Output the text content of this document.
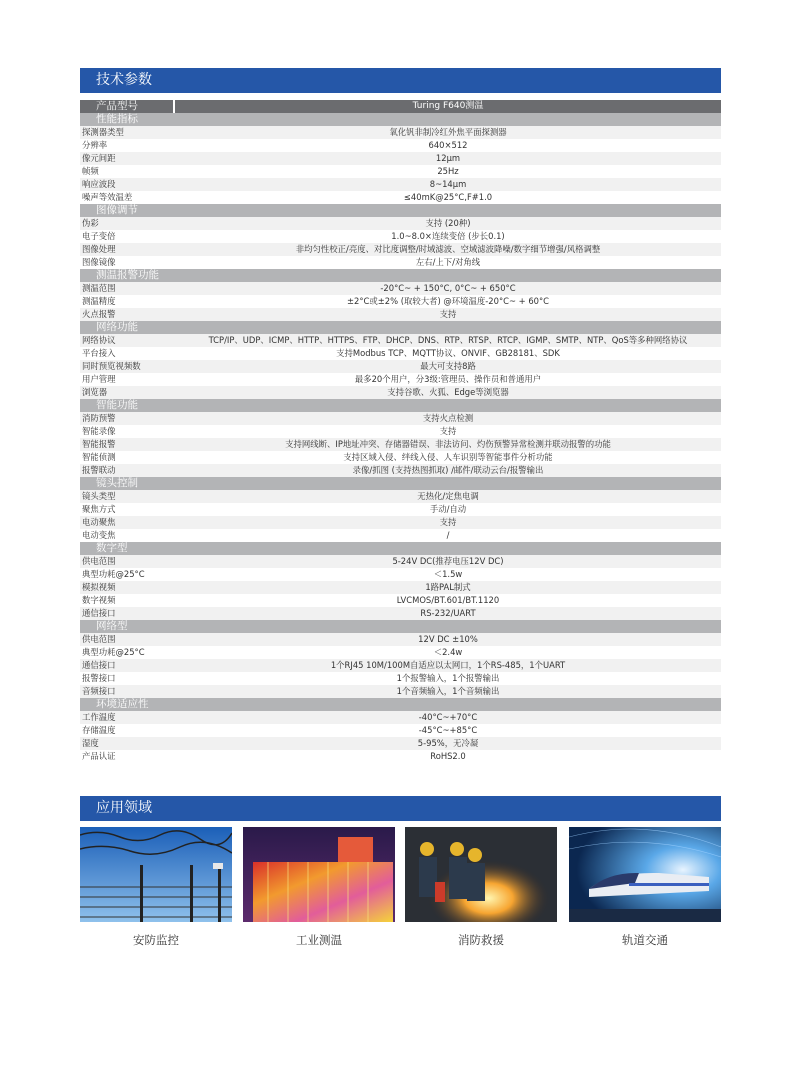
技术参数
产品型号	Turing F640测温
性能指标
探测器类型	氧化钒非制冷红外焦平面探测器
分辨率	640×512
像元间距	12μm
帧频	25Hz
响应波段	8~14μm
噪声等效温差	≤40mK@25°C,F#1.0
图像调节
伪彩	支持 (20种)
电子变倍	1.0~8.0×连续变倍 (步长0.1)
图像处理	非均匀性校正/亮度、对比度调整/时域滤波、空域滤波降噪/数字细节增强/风格调整
图像镜像	左右/上下/对角线
测温报警功能
测温范围	-20°C~ + 150°C, 0°C~ + 650°C
测温精度	±2°C或±2% (取较大者) @环境温度-20°C~ + 60°C
火点报警	支持
网络功能
网络协议	TCP/IP、UDP、ICMP、HTTP、HTTPS、FTP、DHCP、DNS、RTP、RTSP、RTCP、IGMP、SMTP、NTP、QoS等多种网络协议
平台接入	支持Modbus TCP、MQTT协议、ONVIF、GB28181、SDK
同时预览视频数	最大可支持8路
用户管理	最多20个用户，分3级:管理员、操作员和普通用户
浏览器	支持谷歌、火狐、Edge等浏览器
智能功能
消防预警	支持火点检测
智能录像	支持
智能报警	支持网线断、IP地址冲突、存储器错误、非法访问、灼伤预警异常检测并联动报警的功能
智能侦测	支持区域入侵、绊线入侵、人车识别等智能事件分析功能
报警联动	录像/抓图 (支持热图抓取) /邮件/联动云台/报警输出
镜头控制
镜头类型	无热化/定焦电调
聚焦方式	手动/自动
电动聚焦	支持
电动变焦	/
数字型
供电范围	5-24V DC(推荐电压12V DC)
典型功耗@25°C	＜1.5w
模拟视频	1路PAL制式
数字视频	LVCMOS/BT.601/BT.1120
通信接口	RS-232/UART
网络型
供电范围	12V DC ±10%
典型功耗@25°C	＜2.4w
通信接口	1个RJ45 10M/100M自适应以太网口，1个RS-485，1个UART
报警接口	1个报警输入，1个报警输出
音频接口	1个音频输入，1个音频输出
环境适应性
工作温度	-40°C~+70°C
存储温度	-45°C~+85°C
湿度	5-95%，无冷凝
产品认证	RoHS2.0
应用领域
安防监控	工业测温	消防救援	轨道交通
